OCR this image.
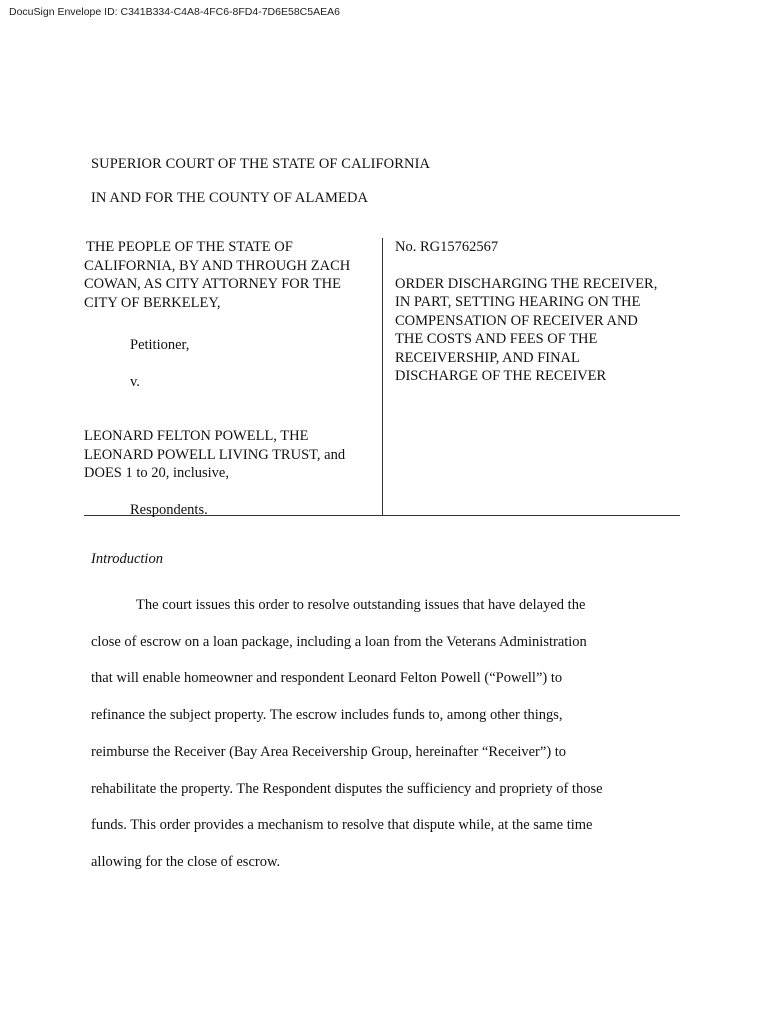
DocuSign Envelope ID: C341B334-C4A8-4FC6-8FD4-7D6E58C5AEA6
SUPERIOR COURT OF THE STATE OF CALIFORNIA
IN AND FOR THE COUNTY OF ALAMEDA
THE PEOPLE OF THE STATE OF
CALIFORNIA, BY AND THROUGH ZACH
COWAN, AS CITY ATTORNEY FOR THE
CITY OF BERKELEY,
Petitioner,
v.
LEONARD FELTON POWELL, THE
LEONARD POWELL LIVING TRUST, and
DOES 1 to 20, inclusive,
Respondents.
No. RG15762567
ORDER DISCHARGING THE RECEIVER,
IN PART, SETTING HEARING ON THE
COMPENSATION OF RECEIVER AND
THE COSTS AND FEES OF THE
RECEIVERSHIP, AND FINAL
DISCHARGE OF THE RECEIVER
Introduction
The court issues this order to resolve outstanding issues that have delayed the
close of escrow on a loan package, including a loan from the Veterans Administration
that will enable homeowner and respondent Leonard Felton Powell (“Powell”) to
refinance the subject property. The escrow includes funds to, among other things,
reimburse the Receiver (Bay Area Receivership Group, hereinafter “Receiver”) to
rehabilitate the property. The Respondent disputes the sufficiency and propriety of those
funds. This order provides a mechanism to resolve that dispute while, at the same time
allowing for the close of escrow.
